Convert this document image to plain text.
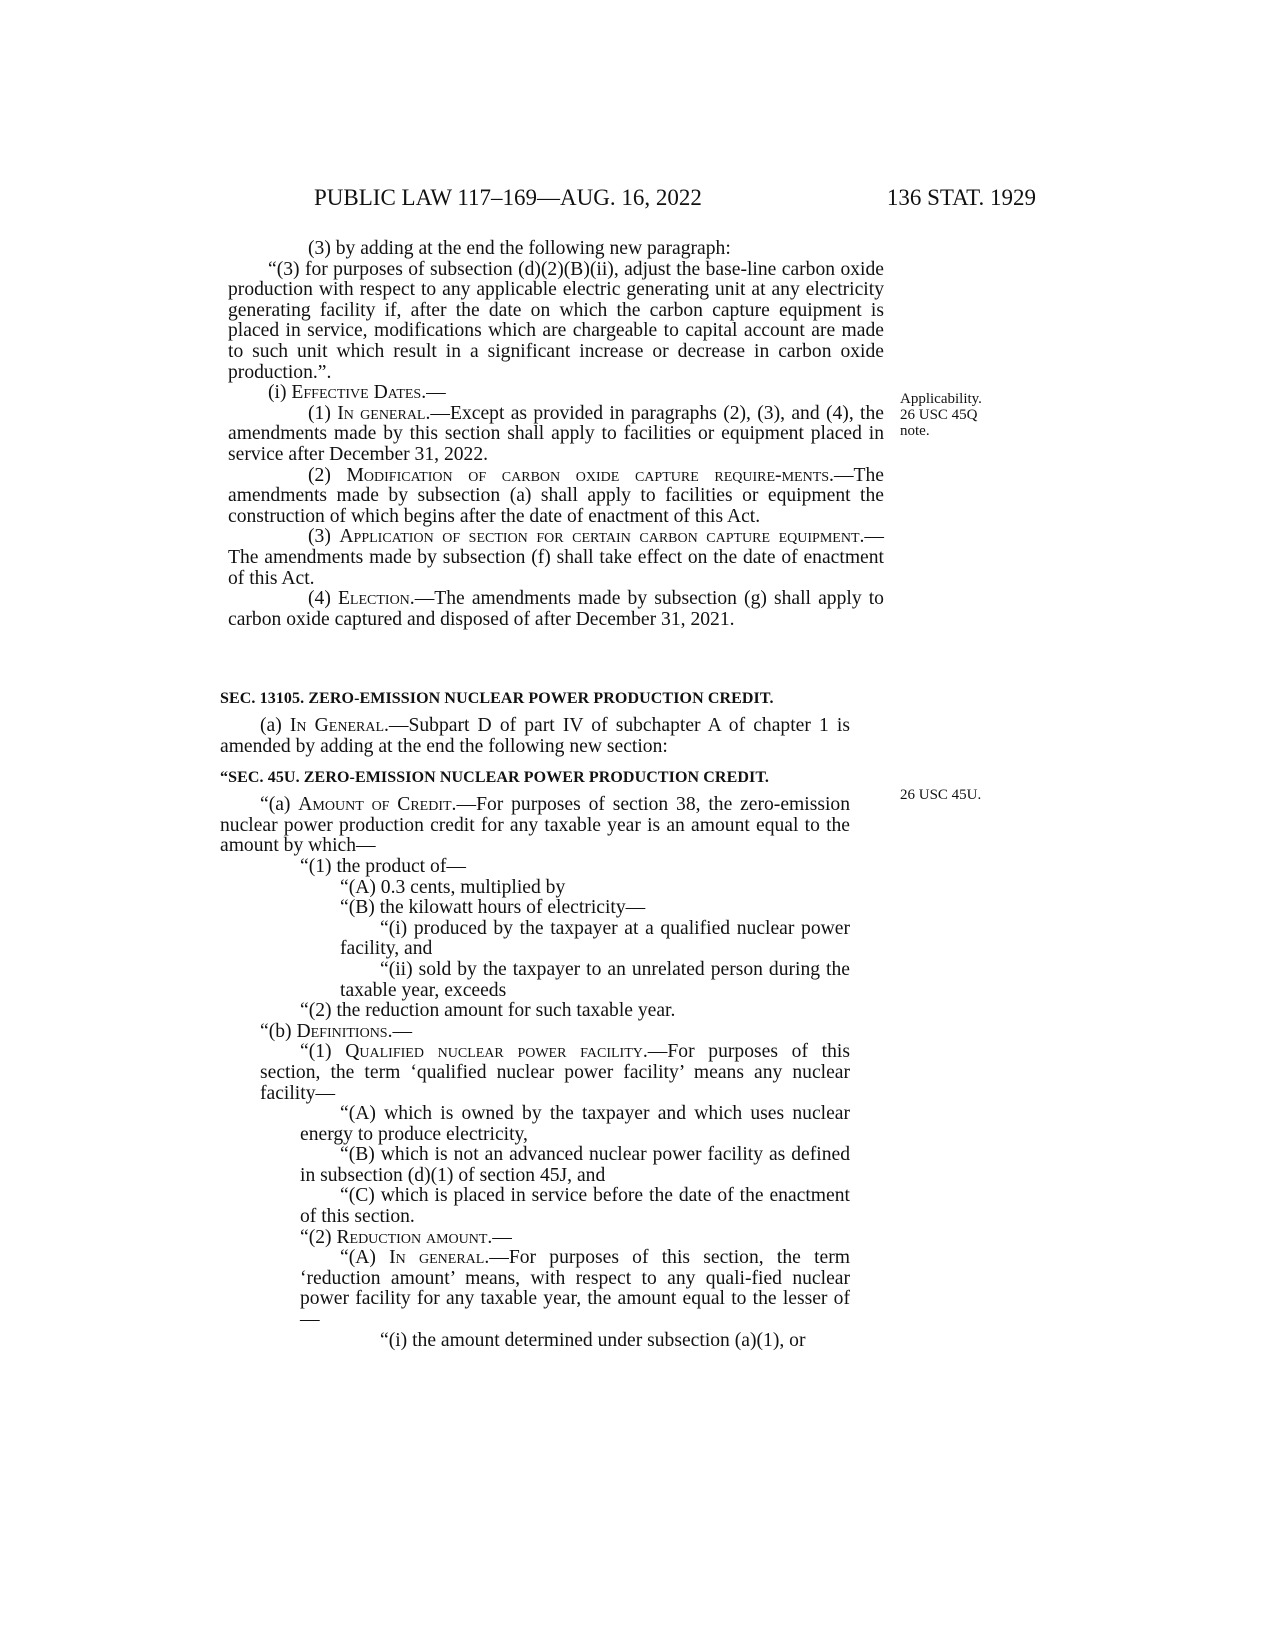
PUBLIC LAW 117–169—AUG. 16, 2022	136 STAT. 1929
Applicability.
26 USC 45Q
note.
26 USC 45U.

(3) by adding at the end the following new paragraph:

“(3) for purposes of subsection (d)(2)(B)(ii), adjust the base-line carbon oxide production with respect to any applicable electric generating unit at any electricity generating facility if, after the date on which the carbon capture equipment is placed in service, modifications which are chargeable to capital account are made to such unit which result in a significant increase or decrease in carbon oxide production.”.

(i) Effective Dates.—

(1) In general.—Except as provided in paragraphs (2), (3), and (4), the amendments made by this section shall apply to facilities or equipment placed in service after December 31, 2022.

(2) Modification of carbon oxide capture require-ments.—The amendments made by subsection (a) shall apply to facilities or equipment the construction of which begins after the date of enactment of this Act.

(3) Application of section for certain carbon capture equipment.—The amendments made by subsection (f) shall take effect on the date of enactment of this Act.

(4) Election.—The amendments made by subsection (g) shall apply to carbon oxide captured and disposed of after December 31, 2021.

SEC. 13105. ZERO-EMISSION NUCLEAR POWER PRODUCTION CREDIT.

(a) In General.—Subpart D of part IV of subchapter A of chapter 1 is amended by adding at the end the following new section:

“SEC. 45U. ZERO-EMISSION NUCLEAR POWER PRODUCTION CREDIT.

“(a) Amount of Credit.—For purposes of section 38, the zero-emission nuclear power production credit for any taxable year is an amount equal to the amount by which—

“(1) the product of—

“(A) 0.3 cents, multiplied by

“(B) the kilowatt hours of electricity—

“(i) produced by the taxpayer at a qualified nuclear power facility, and

“(ii) sold by the taxpayer to an unrelated person during the taxable year, exceeds

“(2) the reduction amount for such taxable year.

“(b) Definitions.—

“(1) Qualified nuclear power facility.—For purposes of this section, the term ‘qualified nuclear power facility’ means any nuclear facility—

“(A) which is owned by the taxpayer and which uses nuclear energy to produce electricity,

“(B) which is not an advanced nuclear power facility as defined in subsection (d)(1) of section 45J, and

“(C) which is placed in service before the date of the enactment of this section.

“(2) Reduction amount.—

“(A) In general.—For purposes of this section, the term ‘reduction amount’ means, with respect to any quali-fied nuclear power facility for any taxable year, the amount equal to the lesser of—

“(i) the amount determined under subsection (a)(1), or
